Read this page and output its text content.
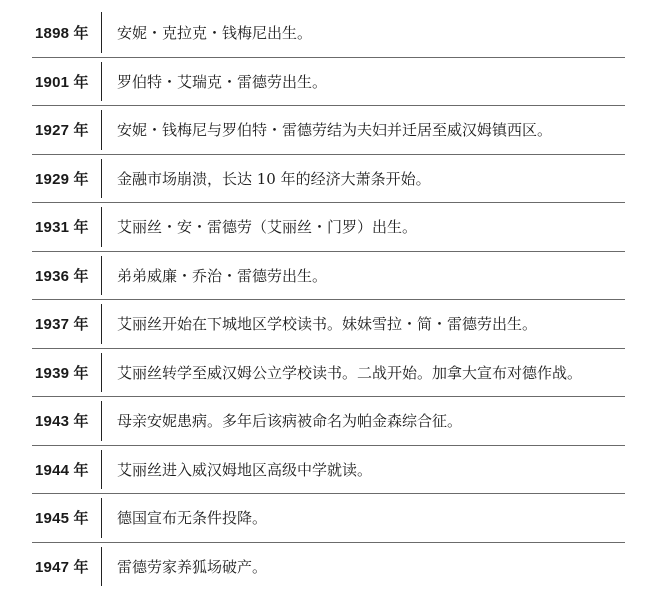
1898 年 安妮・克拉克・钱梅尼出生。
1901 年 罗伯特・艾瑞克・雷德劳出生。
1927 年 安妮・钱梅尼与罗伯特・雷德劳结为夫妇并迁居至威汉姆镇西区。
1929 年 金融市场崩溃，长达 10 年的经济大萧条开始。
1931 年 艾丽丝・安・雷德劳（艾丽丝・门罗）出生。
1936 年 弟弟威廉・乔治・雷德劳出生。
1937 年 艾丽丝开始在下城地区学校读书。妹妹雪拉・简・雷德劳出生。
1939 年 艾丽丝转学至威汉姆公立学校读书。二战开始。加拿大宣布对德作战。
1943 年 母亲安妮患病。多年后该病被命名为帕金森综合征。
1944 年 艾丽丝进入威汉姆地区高级中学就读。
1945 年 德国宣布无条件投降。
1947 年 雷德劳家养狐场破产。
